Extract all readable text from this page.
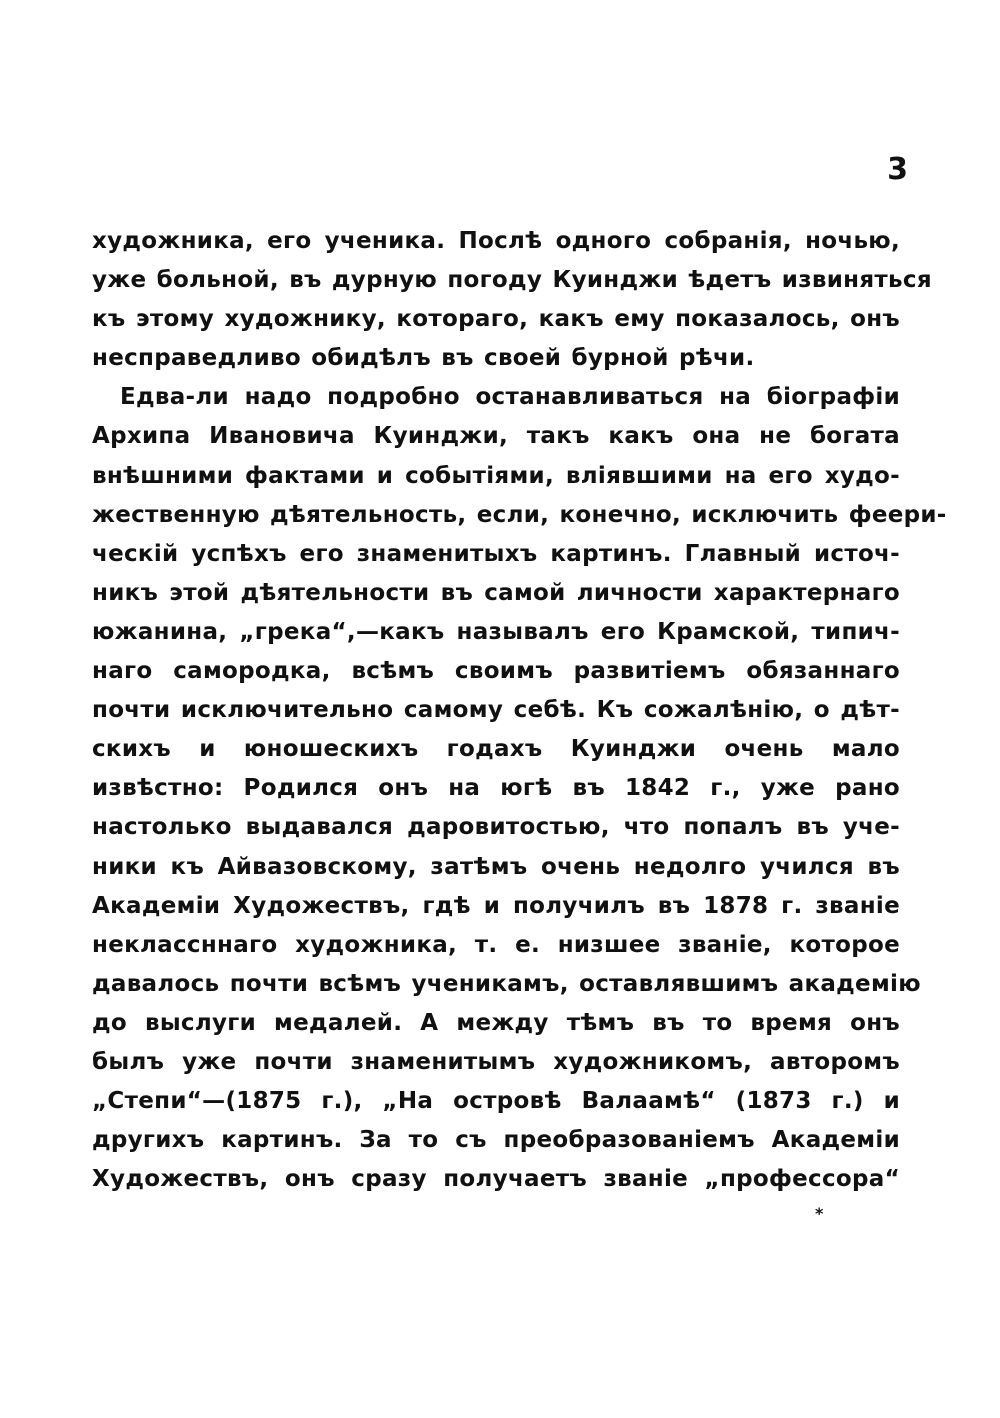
3
художника, его ученика. Послѣ одного собранія, ночью,
уже больной, въ дурную погоду Куинджи ѣдетъ извиняться
къ этому художнику, котораго, какъ ему показалось, онъ
несправедливо обидѣлъ въ своей бурной рѣчи.
Едва-ли надо подробно останавливаться на біографіи
Архипа Ивановича Куинджи, такъ какъ она не богата
внѣшними фактами и событіями, вліявшими на его худо-
жественную дѣятельность, если, конечно, исключить феери-
ческій успѣхъ его знаменитыхъ картинъ. Главный источ-
никъ этой дѣятельности въ самой личности характернаго
южанина, „грека“,—какъ называлъ его Крамской, типич-
наго самородка, всѣмъ своимъ развитіемъ обязаннаго
почти исключительно самому себѣ. Къ сожалѣнію, о дѣт-
скихъ и юношескихъ годахъ Куинджи очень мало
извѣстно: Родился онъ на югѣ въ 1842 г., уже рано
настолько выдавался даровитостью, что попалъ въ уче-
ники къ Айвазовскому, затѣмъ очень недолго учился въ
Академіи Художествъ, гдѣ и получилъ въ 1878 г. званіе
неклассннаго художника, т. е. низшее званіе, которое
давалось почти всѣмъ ученикамъ, оставлявшимъ академію
до выслуги медалей. А между тѣмъ въ то время онъ
былъ уже почти знаменитымъ художникомъ, авторомъ
„Степи“—(1875 г.), „На островѣ Валаамѣ“ (1873 г.) и
другихъ картинъ. За то съ преобразованіемъ Академіи
Художествъ, онъ сразу получаетъ званіе „профессора“
*
